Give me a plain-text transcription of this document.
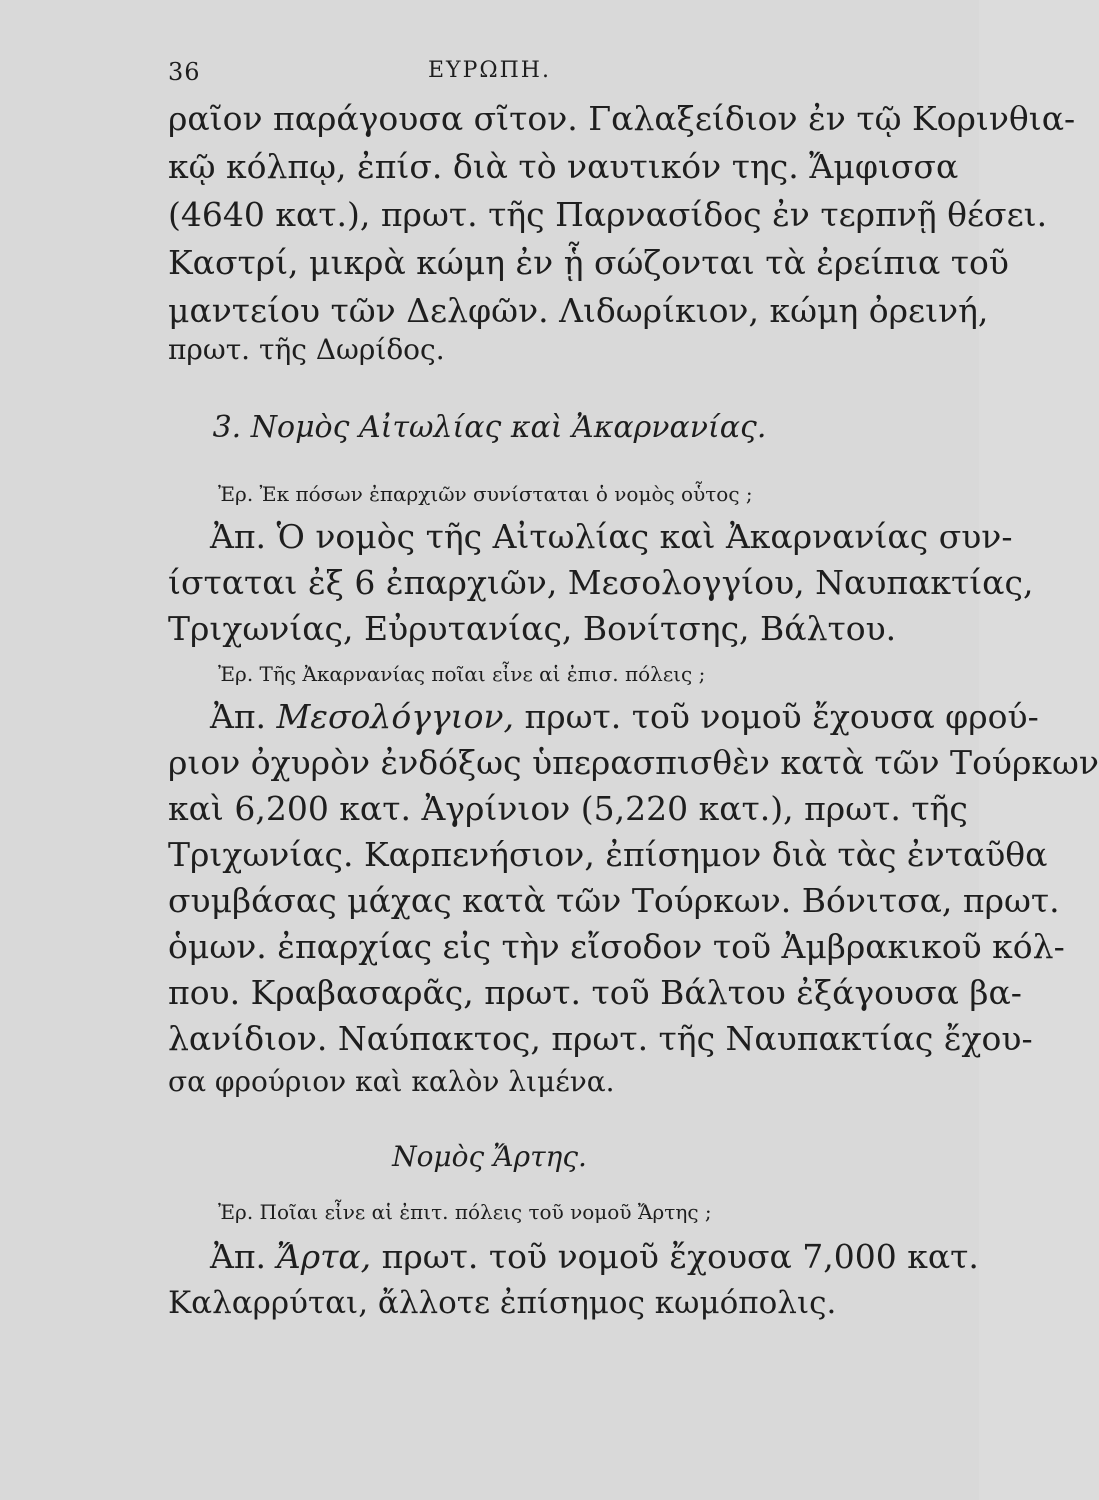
36	ΕΥΡΩΠΗ.
ραῖον παράγουσα σῖτον. Γαλαξείδιον ἐν τῷ Κορινθια-
κῷ κόλπῳ, ἐπίσ. διὰ τὸ ναυτικόν της. Ἄμφισσα
(4640 κατ.), πρωτ. τῆς Παρνασίδος ἐν τερπνῇ θέσει.
Καστρί, μικρὰ κώμη ἐν ᾗ σώζονται τὰ ἐρείπια τοῦ
μαντείου τῶν Δελφῶν. Λιδωρίκιον, κώμη ὀρεινή,
πρωτ. τῆς Δωρίδος.
3. Νομὸς Αἰτωλίας καὶ Ἀκαρνανίας.
Ἐρ. Ἐκ πόσων ἐπαρχιῶν συνίσταται ὁ νομὸς οὗτος ;
Ἀπ. Ὁ νομὸς τῆς Αἰτωλίας καὶ Ἀκαρνανίας συν-
ίσταται ἐξ 6 ἐπαρχιῶν, Μεσολογγίου, Ναυπακτίας,
Τριχωνίας, Εὐρυτανίας, Βονίτσης, Βάλτου.
Ἐρ. Τῆς Ἀκαρνανίας ποῖαι εἶνε αἱ ἐπισ. πόλεις ;
Ἀπ. Μεσολόγγιον, πρωτ. τοῦ νομοῦ ἔχουσα φρού-
ριον ὀχυρὸν ἐνδόξως ὑπερασπισθὲν κατὰ τῶν Τούρκων
καὶ 6,200 κατ. Ἀγρίνιον (5,220 κατ.), πρωτ. τῆς
Τριχωνίας. Καρπενήσιον, ἐπίσημον διὰ τὰς ἐνταῦθα
συμβάσας μάχας κατὰ τῶν Τούρκων. Βόνιτσα, πρωτ.
ὁμων. ἐπαρχίας εἰς τὴν εἴσοδον τοῦ Ἀμβρακικοῦ κόλ-
που. Κραβασαρᾶς, πρωτ. τοῦ Βάλτου ἐξάγουσα βα-
λανίδιον. Ναύπακτος, πρωτ. τῆς Ναυπακτίας ἔχου-
σα φρούριον καὶ καλὸν λιμένα.
Νομὸς Ἄρτης.
Ἐρ. Ποῖαι εἶνε αἱ ἐπιτ. πόλεις τοῦ νομοῦ Ἄρτης ;
Ἀπ. Ἄρτα, πρωτ. τοῦ νομοῦ ἔχουσα 7,000 κατ.
Καλαρρύται, ἄλλοτε ἐπίσημος κωμόπολις.
